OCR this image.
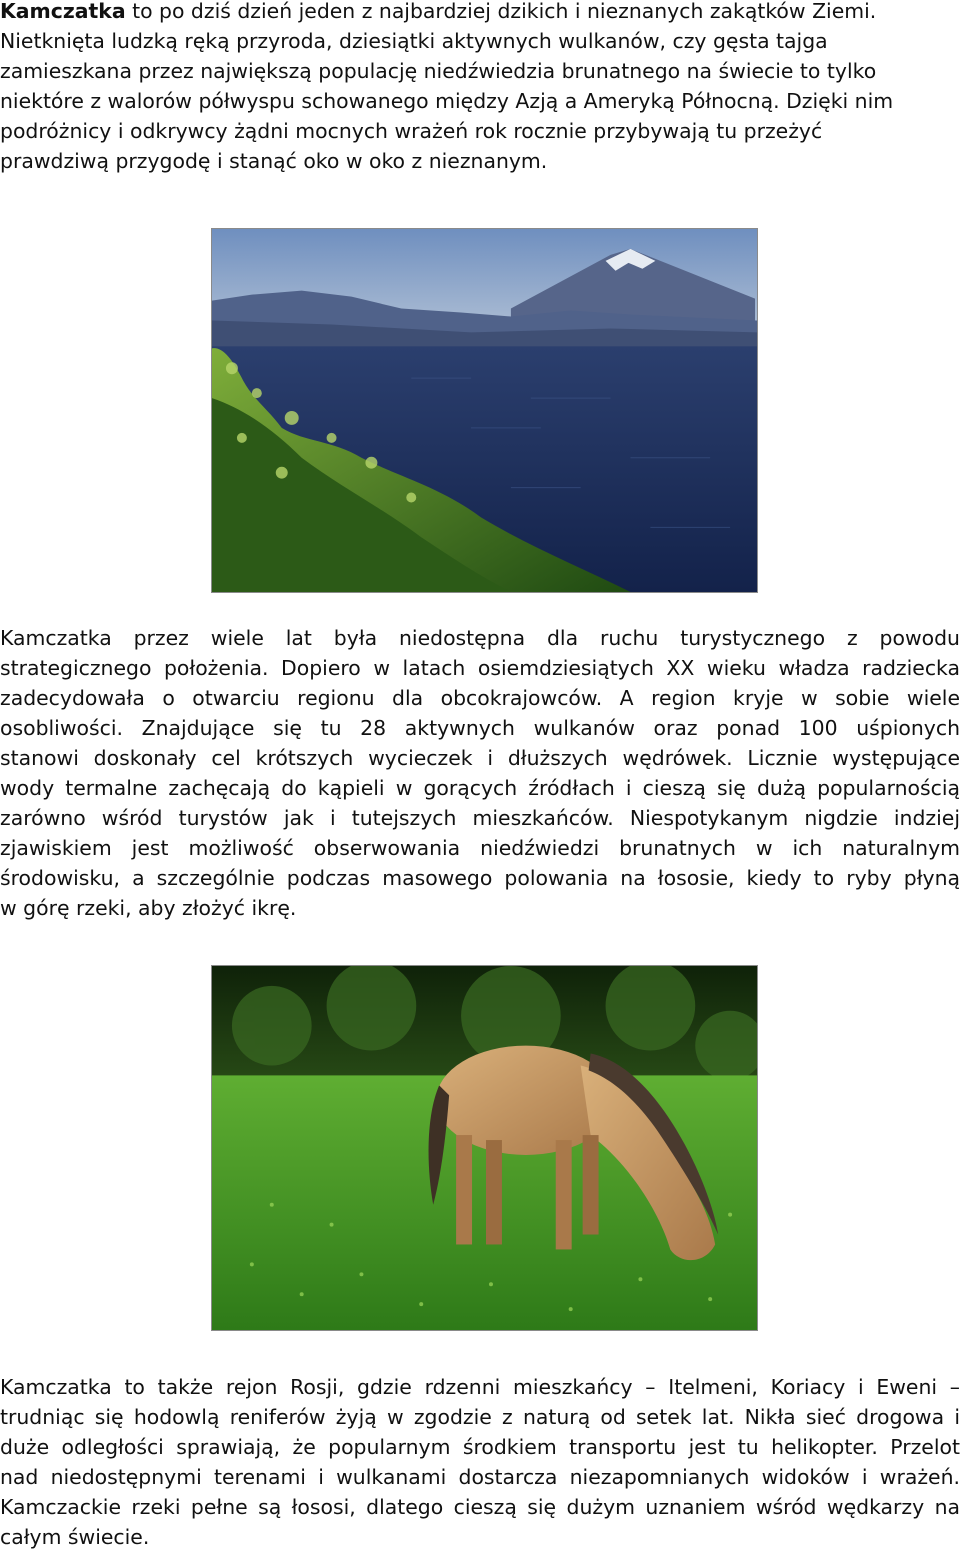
Kamczatka to po dziś dzień jeden z najbardziej dzikich i nieznanych zakątków Ziemi.
Nietknięta ludzką ręką przyroda, dziesiątki aktywnych wulkanów, czy gęsta tajga
zamieszkana przez największą populację niedźwiedzia brunatnego na świecie to tylko
niektóre z walorów półwyspu schowanego między Azją a Ameryką Północną. Dzięki nim
podróżnicy i odkrywcy żądni mocnych wrażeń rok rocznie przybywają tu przeżyć
prawdziwą przygodę i stanąć oko w oko z nieznanym.
Kamczatka przez wiele lat była niedostępna dla ruchu turystycznego z powodu
strategicznego położenia. Dopiero w latach osiemdziesiątych XX wieku władza radziecka
zadecydowała o otwarciu regionu dla obcokrajowców. A region kryje w sobie wiele
osobliwości. Znajdujące się tu 28 aktywnych wulkanów oraz ponad 100 uśpionych
stanowi doskonały cel krótszych wycieczek i dłuższych wędrówek. Licznie występujące
wody termalne zachęcają do kąpieli w gorących źródłach i cieszą się dużą popularnością
zarówno wśród turystów jak i tutejszych mieszkańców. Niespotykanym nigdzie indziej
zjawiskiem jest możliwość obserwowania niedźwiedzi brunatnych w ich naturalnym
środowisku, a szczególnie podczas masowego polowania na łososie, kiedy to ryby płyną
w górę rzeki, aby złożyć ikrę.
Kamczatka to także rejon Rosji, gdzie rdzenni mieszkańcy – Itelmeni, Koriacy i Eweni –
trudniąc się hodowlą reniferów żyją w zgodzie z naturą od setek lat. Nikła sieć drogowa i
duże odległości sprawiają, że popularnym środkiem transportu jest tu helikopter. Przelot
nad niedostępnymi terenami i wulkanami dostarcza niezapomnianych widoków i wrażeń.
Kamczackie rzeki pełne są łososi, dlatego cieszą się dużym uznaniem wśród wędkarzy na
całym świecie.
